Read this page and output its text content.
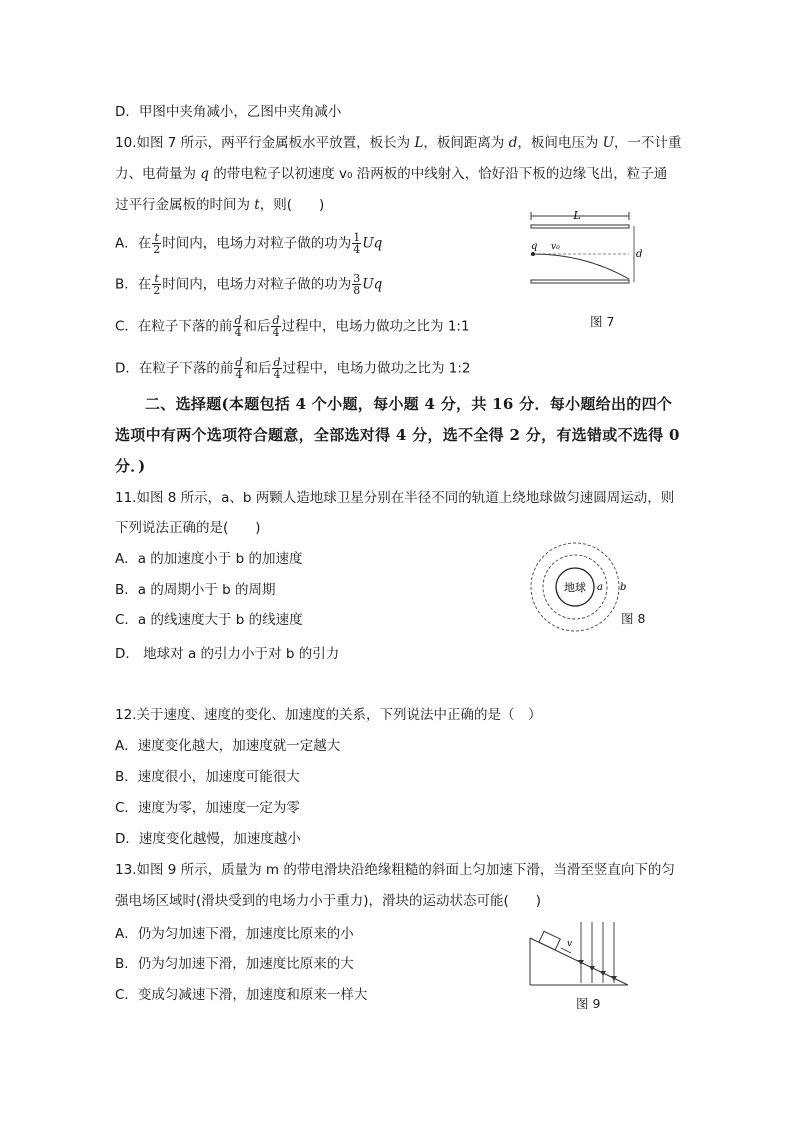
D．甲图中夹角减小，乙图中夹角减小
10.如图 7 所示，两平行金属板水平放置，板长为 L，板间距离为 d，板间电压为 U，一不计重
力、电荷量为 q 的带电粒子以初速度 v₀ 沿两板的中线射入，恰好沿下板的边缘飞出，粒子通
过平行金属板的时间为 t，则(　　)
A．在 $\frac{t}{2}$ 时间内，电场力对粒子做的功为 $\frac{1}{4}$ Uq
B．在 $\frac{t}{2}$ 时间内，电场力对粒子做的功为 $\frac{3}{8}$ Uq
C．在粒子下落的前 $\frac{d}{4}$ 和后 $\frac{d}{4}$ 过程中，电场力做功之比为 1:1
D．在粒子下落的前 $\frac{d}{4}$ 和后 $\frac{d}{4}$ 过程中，电场力做功之比为 1:2
L
q v₀
d
图 7
二、选择题(本题包括 4 个小题，每小题 4 分，共 16 分．每小题给出的四个
选项中有两个选项符合题意，全部选对得 4 分，选不全得 2 分，有选错或不选得 0
分．)
11.如图 8 所示，a、b 两颗人造地球卫星分别在半径不同的轨道上绕地球做匀速圆周运动，则
下列说法正确的是(　　)
A．a 的加速度小于 b 的加速度
B．a 的周期小于 b 的周期
C．a 的线速度大于 b 的线速度
D． 地球对 a 的引力小于对 b 的引力
地球 a b
图 8
12.关于速度、速度的变化、加速度的关系，下列说法中正确的是（　）
A．速度变化越大，加速度就一定越大
B．速度很小，加速度可能很大
C．速度为零，加速度一定为零
D．速度变化越慢，加速度越小
13.如图 9 所示，质量为 m 的带电滑块沿绝缘粗糙的斜面上匀加速下滑，当滑至竖直向下的匀
强电场区域时(滑块受到的电场力小于重力)，滑块的运动状态可能(　　)
A．仍为匀加速下滑，加速度比原来的小
B．仍为匀加速下滑，加速度比原来的大
C．变成匀减速下滑，加速度和原来一样大
v
图 9
